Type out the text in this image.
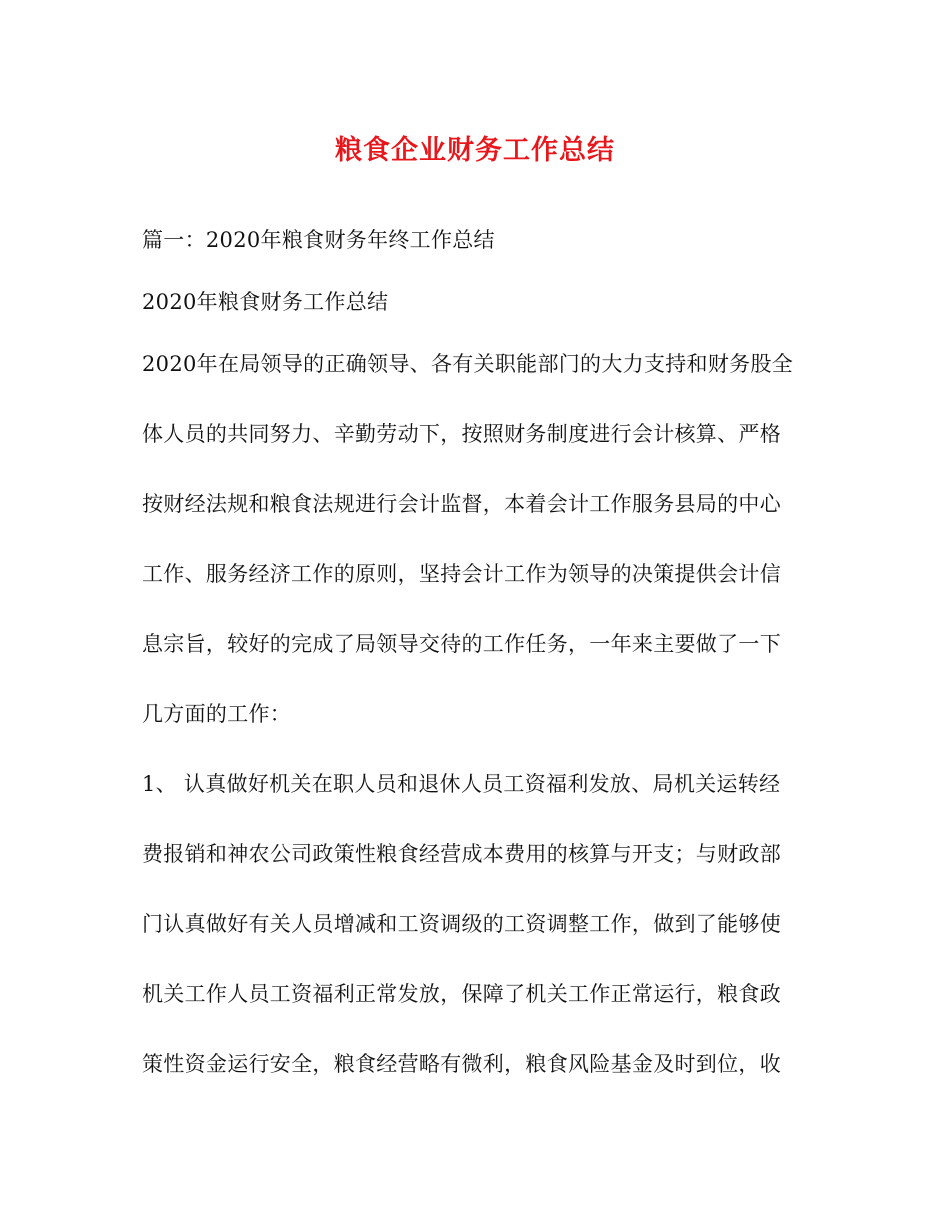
粮食企业财务工作总结
篇一：2020年粮食财务年终工作总结
2020年粮食财务工作总结
2020年在局领导的正确领导、各有关职能部门的大力支持和财务股全
体人员的共同努力、辛勤劳动下，按照财务制度进行会计核算、严格
按财经法规和粮食法规进行会计监督，本着会计工作服务县局的中心
工作、服务经济工作的原则，坚持会计工作为领导的决策提供会计信
息宗旨，较好的完成了局领导交待的工作任务，一年来主要做了一下
几方面的工作：
1、 认真做好机关在职人员和退休人员工资福利发放、局机关运转经
费报销和神农公司政策性粮食经营成本费用的核算与开支；与财政部
门认真做好有关人员增减和工资调级的工资调整工作，做到了能够使
机关工作人员工资福利正常发放，保障了机关工作正常运行，粮食政
策性资金运行安全，粮食经营略有微利，粮食风险基金及时到位，收
